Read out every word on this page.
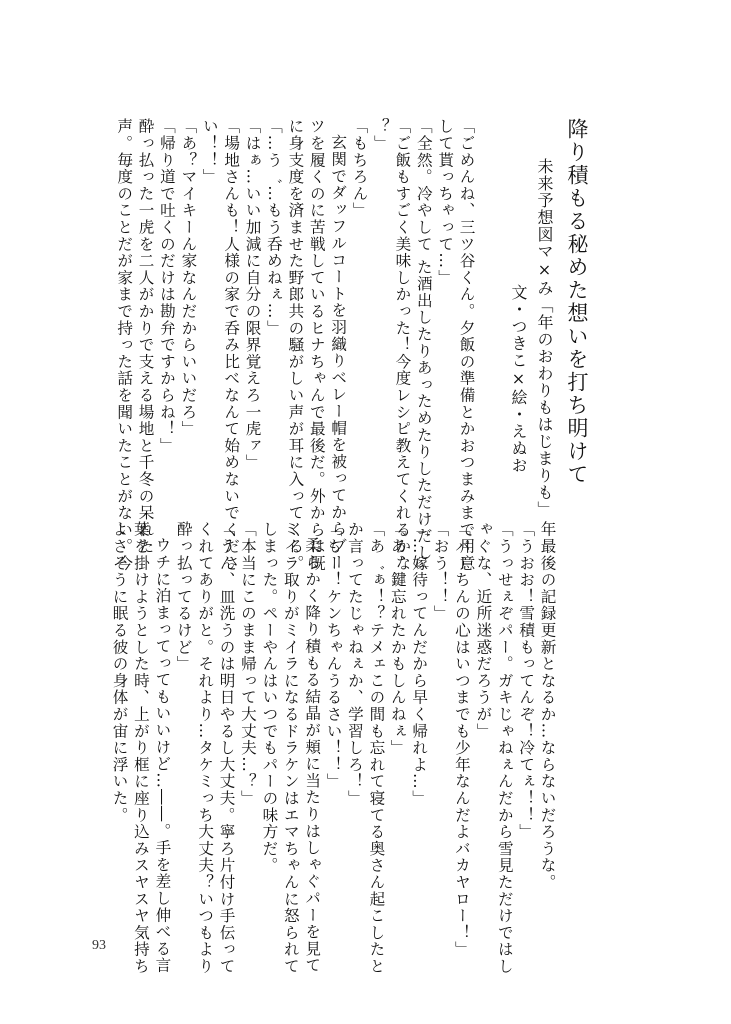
降り積もる秘めた想いを打ち明けて
未来予想図マ×み「年のおわりもはじまりも」
文・つきこ×絵・えぬお
「ごめんね、三ツ谷くん。夕飯の準備とかおつまみまで用意
して貰っちゃって…」
「全然。冷やして た酒出したりあっためたりしただけだし」
「ご飯もすごく美味しかった！今度レシピ教えてくれるかな
？」
「もちろん」
玄関でダッフルコートを羽織りベレー帽を被ってからブー
ツを履くのに苦戦しているヒナちゃんで最後だ。外からは既
に身支度を済ませた野郎共の騒がしい声が耳に入ってくる。
「…う゛…もう呑めねぇ…」
「はぁ…いい加減に自分の限界覚えろ一虎ァ」
「場地さんも！人様の家で呑み比べなんて始めないでくださ
い！！」
「あ？マイキーん家なんだからいいだろ」
「帰り道で吐くのだけは勘弁ですからね！」
酔っ払った一虎を二人がかりで支える場地と千冬の呆れた
声。毎度のことだが家まで持った話を聞いたことがない。今
年最後の記録更新となるか…ならないだろうな。
「うおお！雪積もってんぞ！冷てぇ！！」
「うっせぇぞパー。ガキじゃねぇんだから雪見ただけではし
ゃぐな、近所迷惑だろうが」
「パーちんの心はいつまでも少年なんだよバカヤロー！」
「おう！！」
「…嫁待ってんだから早く帰れよ…」
「あ、鍵忘れたかもしんねぇ」
「あ゛ぁ！？テメェこの間も忘れて寝てる奥さん起こしたと
か言ってたじゃねぇか、学習しろ！」
「もー！ケンちゃんうるさい！！」
柔らかく降り積もる結晶が頬に当たりはしゃぐパーを見て
ミイラ取りがミイラになるドラケンはエマちゃんに怒られて
しまった。ペーやんはいつでもパーの味方だ。
「本当にこのまま帰って大丈夫…？」
「うん、皿洗うのは明日やるし大丈夫。寧ろ片付け手伝って
くれてありがと。それより…タケミっち大丈夫？いつもより
酔っ払ってるけど」
ウチに泊まってってもいいけど…――。手を差し伸べる言
葉を掛けようとした時、上がり框に座り込みスヤスヤ気持ち
よさそうに眠る彼の身体が宙に浮いた。
93
